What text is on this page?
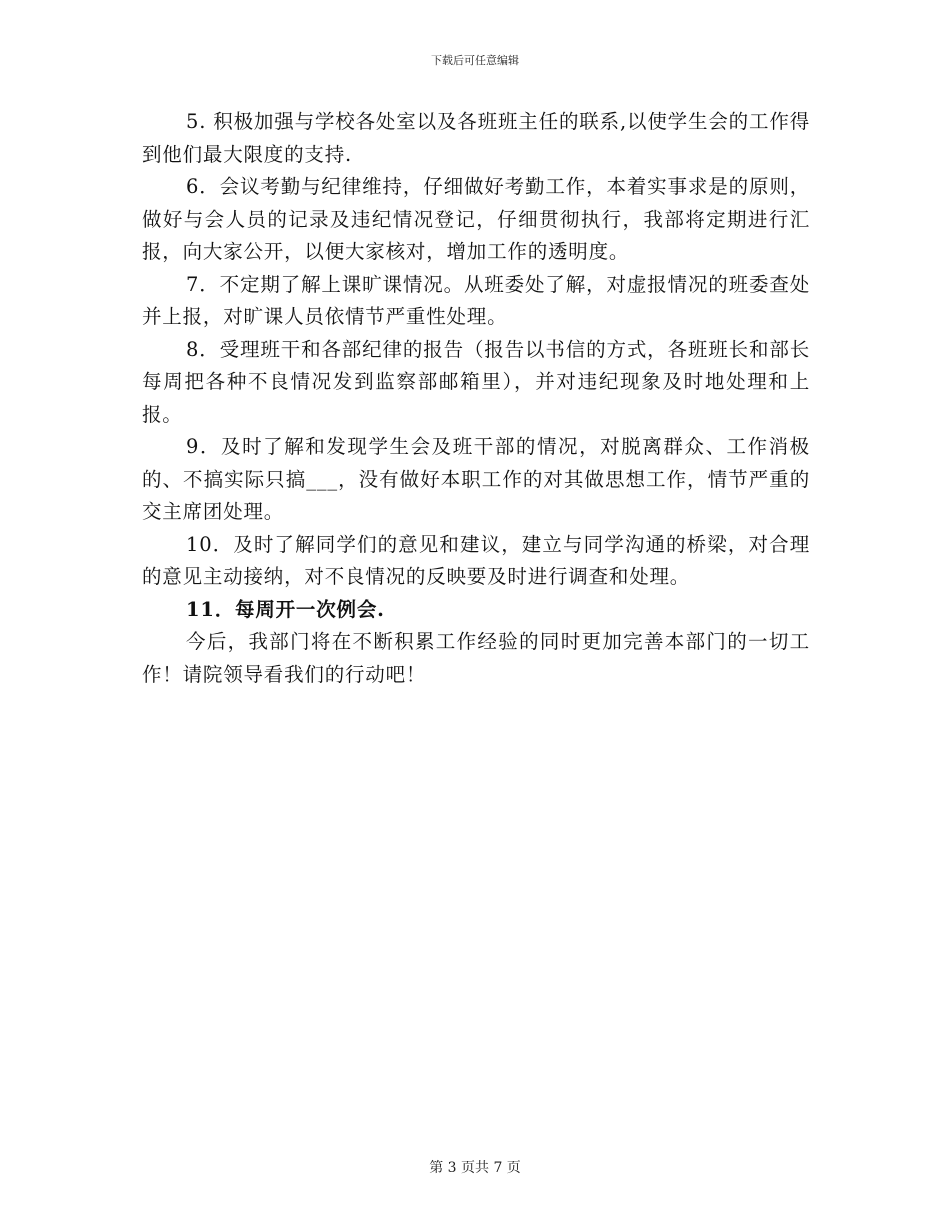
下载后可任意编辑

5. 积极加强与学校各处室以及各班班主任的联系,以使学生会的工作得到他们最大限度的支持.

6．会议考勤与纪律维持，仔细做好考勤工作，本着实事求是的原则，做好与会人员的记录及违纪情况登记，仔细贯彻执行，我部将定期进行汇报，向大家公开，以便大家核对，增加工作的透明度。

7．不定期了解上课旷课情况。从班委处了解，对虚报情况的班委查处并上报，对旷课人员依情节严重性处理。

8．受理班干和各部纪律的报告（报告以书信的方式，各班班长和部长每周把各种不良情况发到监察部邮箱里），并对违纪现象及时地处理和上报。

9．及时了解和发现学生会及班干部的情况，对脱离群众、工作消极的、不搞实际只搞___，没有做好本职工作的对其做思想工作，情节严重的交主席团处理。

10．及时了解同学们的意见和建议，建立与同学沟通的桥梁，对合理的意见主动接纳，对不良情况的反映要及时进行调查和处理。

11．每周开一次例会.

今后，我部门将在不断积累工作经验的同时更加完善本部门的一切工作！请院领导看我们的行动吧！

第 3 页共 7 页
